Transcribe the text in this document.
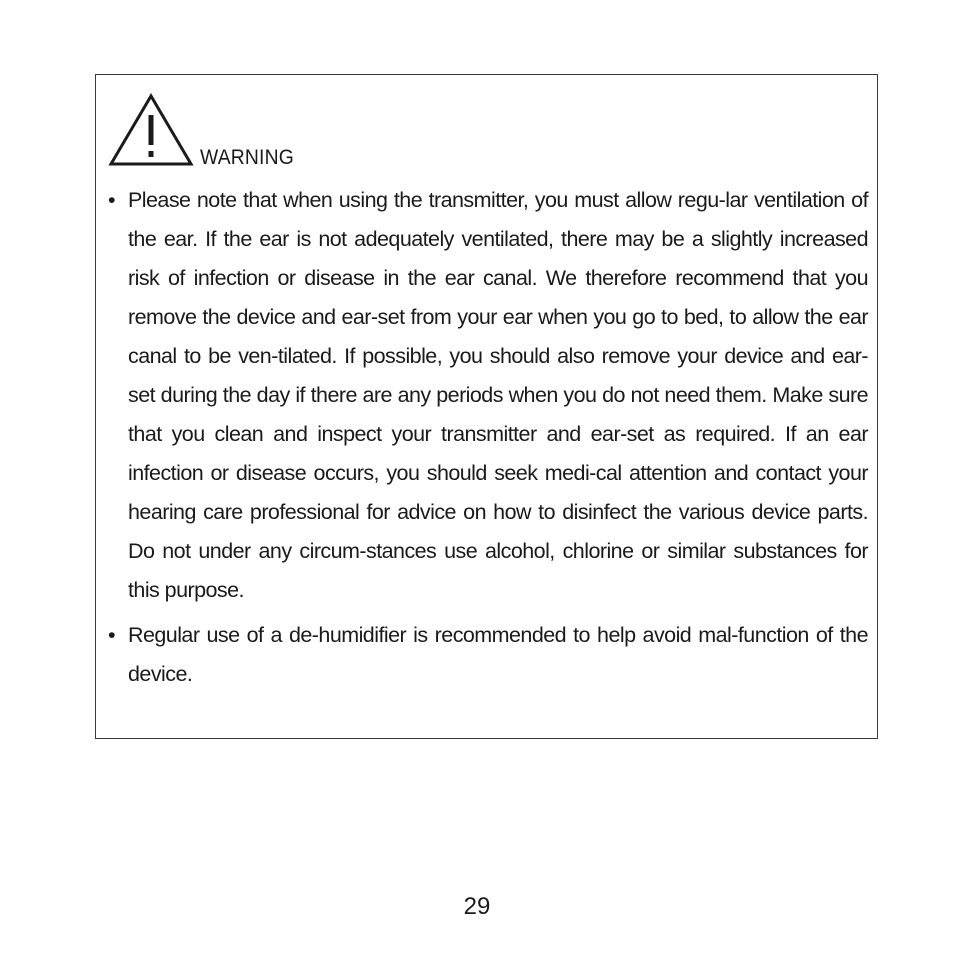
WARNING
• Please note that when using the transmitter, you must allow regu-lar ventilation of the ear. If the ear is not adequately ventilated, there may be a slightly increased risk of infection or disease in the ear canal. We therefore recommend that you remove the device and ear-set from your ear when you go to bed, to allow the ear canal to be ven-tilated. If possible, you should also remove your device and ear-set during the day if there are any periods when you do not need them. Make sure that you clean and inspect your transmitter and ear-set as required. If an ear infection or disease occurs, you should seek medi-cal attention and contact your hearing care professional for advice on how to disinfect the various device parts. Do not under any circum-stances use alcohol, chlorine or similar substances for this purpose.
• Regular use of a de-humidifier is recommended to help avoid mal-function of the device.
29
